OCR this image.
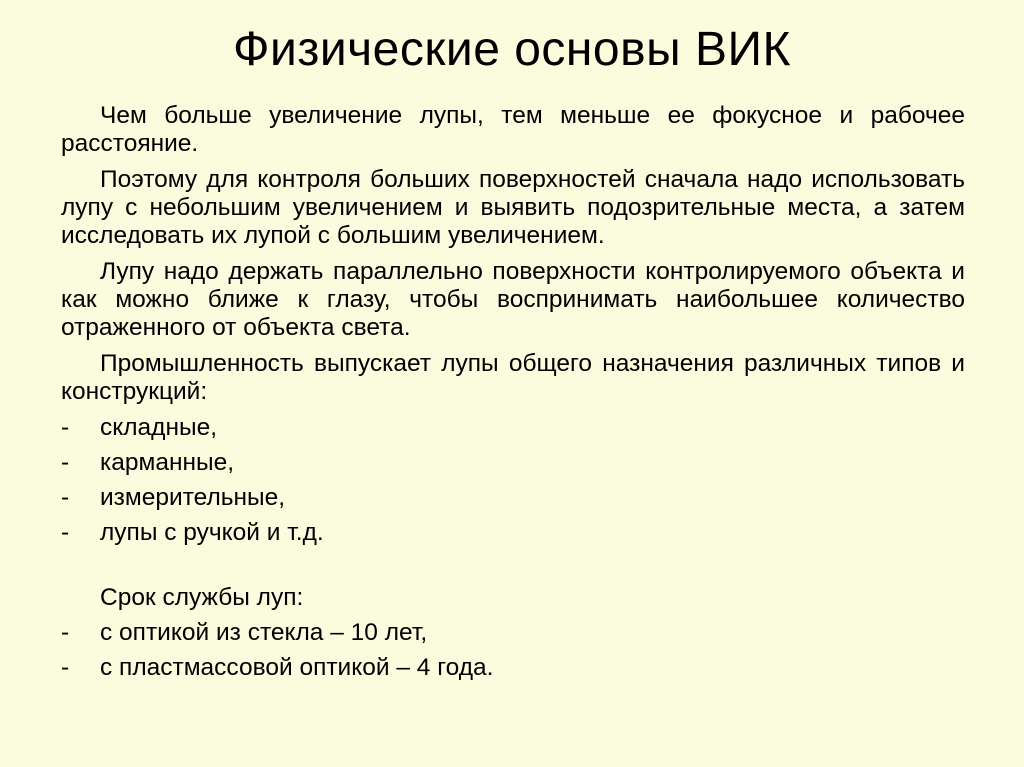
Физические основы ВИК

Чем больше увеличение лупы, тем меньше ее фокусное и рабочее расстояние.

Поэтому для контроля больших поверхностей сначала надо использовать лупу с небольшим увеличением и выявить подозрительные места, а затем исследовать их лупой с большим увеличением.

Лупу надо держать параллельно поверхности контролируемого объекта и как можно ближе к глазу, чтобы воспринимать наибольшее количество отраженного от объекта света.

Промышленность выпускает лупы общего назначения различных типов и конструкций:

- складные,
- карманные,
- измерительные,
- лупы с ручкой и т.д.

Срок службы луп:

- с оптикой из стекла – 10 лет,
- с пластмассовой оптикой – 4 года.
